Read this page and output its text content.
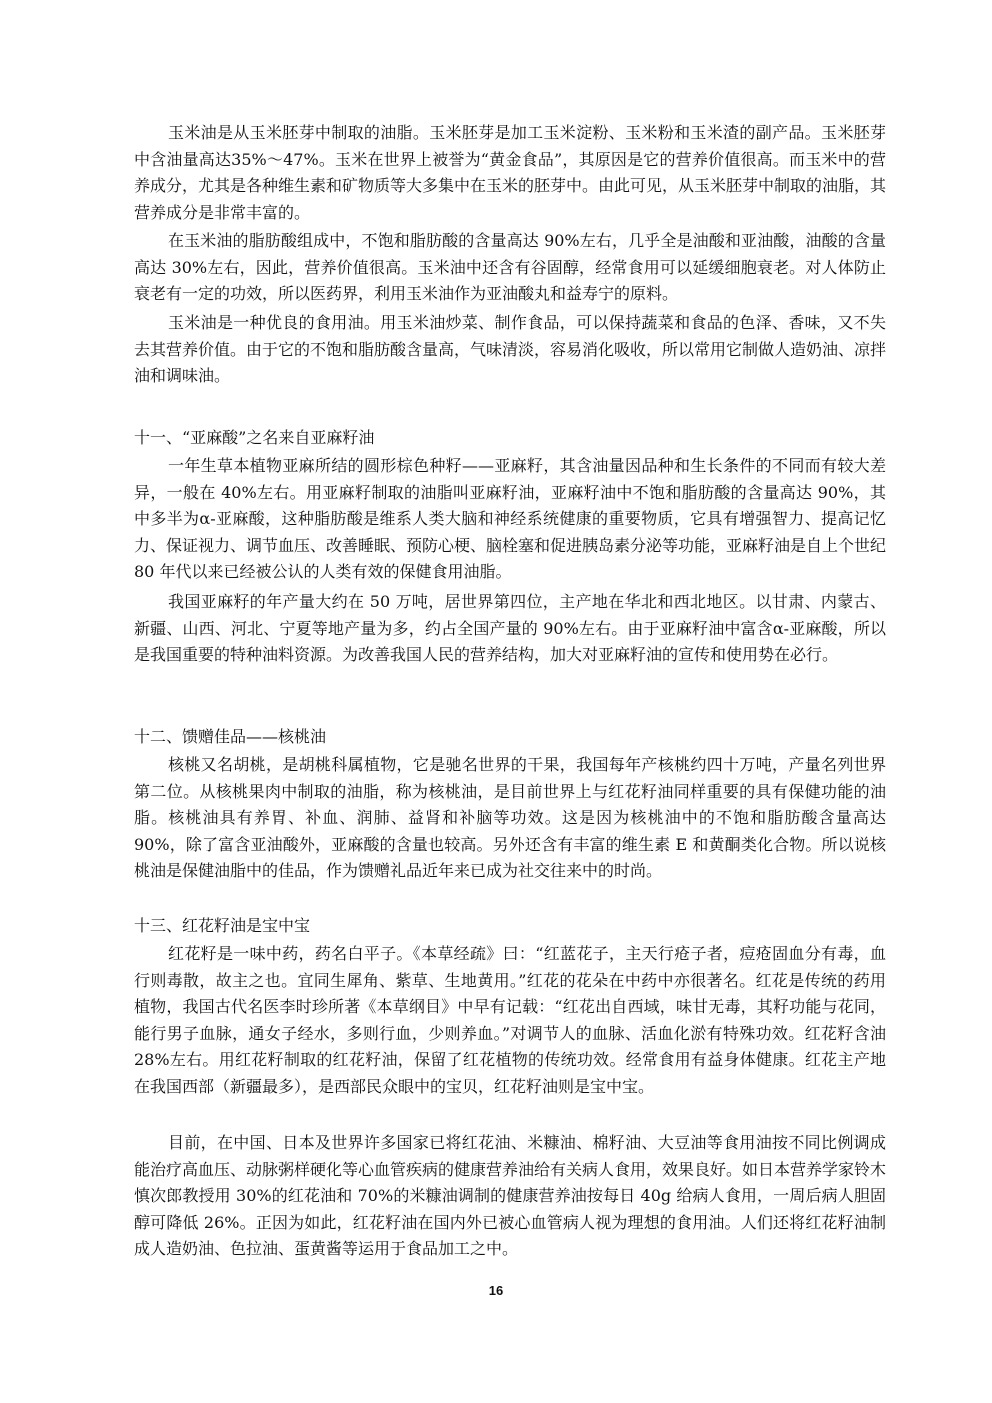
玉米油是从玉米胚芽中制取的油脂。玉米胚芽是加工玉米淀粉、玉米粉和玉米渣的副产品。玉米胚芽中含油量高达35%～47%。玉米在世界上被誉为“黄金食品”，其原因是它的营养价值很高。而玉米中的营养成分，尤其是各种维生素和矿物质等大多集中在玉米的胚芽中。由此可见，从玉米胚芽中制取的油脂，其营养成分是非常丰富的。

在玉米油的脂肪酸组成中，不饱和脂肪酸的含量高达 90%左右，几乎全是油酸和亚油酸，油酸的含量高达 30%左右，因此，营养价值很高。玉米油中还含有谷固醇，经常食用可以延缓细胞衰老。对人体防止衰老有一定的功效，所以医药界，利用玉米油作为亚油酸丸和益寿宁的原料。

玉米油是一种优良的食用油。用玉米油炒菜、制作食品，可以保持蔬菜和食品的色泽、香味，又不失去其营养价值。由于它的不饱和脂肪酸含量高，气味清淡，容易消化吸收，所以常用它制做人造奶油、凉拌油和调味油。

十一、“亚麻酸”之名来自亚麻籽油

一年生草本植物亚麻所结的圆形棕色种籽——亚麻籽，其含油量因品种和生长条件的不同而有较大差异，一般在 40%左右。用亚麻籽制取的油脂叫亚麻籽油，亚麻籽油中不饱和脂肪酸的含量高达 90%，其中多半为α-亚麻酸，这种脂肪酸是维系人类大脑和神经系统健康的重要物质，它具有增强智力、提高记忆力、保证视力、调节血压、改善睡眠、预防心梗、脑栓塞和促进胰岛素分泌等功能，亚麻籽油是自上个世纪 80 年代以来已经被公认的人类有效的保健食用油脂。

我国亚麻籽的年产量大约在 50 万吨，居世界第四位，主产地在华北和西北地区。以甘肃、内蒙古、新疆、山西、河北、宁夏等地产量为多，约占全国产量的 90%左右。由于亚麻籽油中富含α-亚麻酸，所以是我国重要的特种油料资源。为改善我国人民的营养结构，加大对亚麻籽油的宣传和使用势在必行。

十二、馈赠佳品——核桃油

核桃又名胡桃，是胡桃科属植物，它是驰名世界的干果，我国每年产核桃约四十万吨，产量名列世界第二位。从核桃果肉中制取的油脂，称为核桃油，是目前世界上与红花籽油同样重要的具有保健功能的油脂。核桃油具有养胃、补血、润肺、益肾和补脑等功效。这是因为核桃油中的不饱和脂肪酸含量高达 90%，除了富含亚油酸外，亚麻酸的含量也较高。另外还含有丰富的维生素 E 和黄酮类化合物。所以说核桃油是保健油脂中的佳品，作为馈赠礼品近年来已成为社交往来中的时尚。

十三、红花籽油是宝中宝

红花籽是一味中药，药名白平子。《本草经疏》曰：“红蓝花子，主天行疮子者，痘疮固血分有毒，血行则毒散，故主之也。宜同生犀角、紫草、生地黄用。”红花的花朵在中药中亦很著名。红花是传统的药用植物，我国古代名医李时珍所著《本草纲目》中早有记载：“红花出自西域，味甘无毒，其籽功能与花同，能行男子血脉，通女子经水，多则行血，少则养血。”对调节人的血脉、活血化淤有特殊功效。红花籽含油 28%左右。用红花籽制取的红花籽油，保留了红花植物的传统功效。经常食用有益身体健康。红花主产地在我国西部（新疆最多），是西部民众眼中的宝贝，红花籽油则是宝中宝。

目前，在中国、日本及世界许多国家已将红花油、米糠油、棉籽油、大豆油等食用油按不同比例调成能治疗高血压、动脉粥样硬化等心血管疾病的健康营养油给有关病人食用，效果良好。如日本营养学家铃木慎次郎教授用 30%的红花油和 70%的米糠油调制的健康营养油按每日 40g 给病人食用，一周后病人胆固醇可降低 26%。正因为如此，红花籽油在国内外已被心血管病人视为理想的食用油。人们还将红花籽油制成人造奶油、色拉油、蛋黄酱等运用于食品加工之中。

16
